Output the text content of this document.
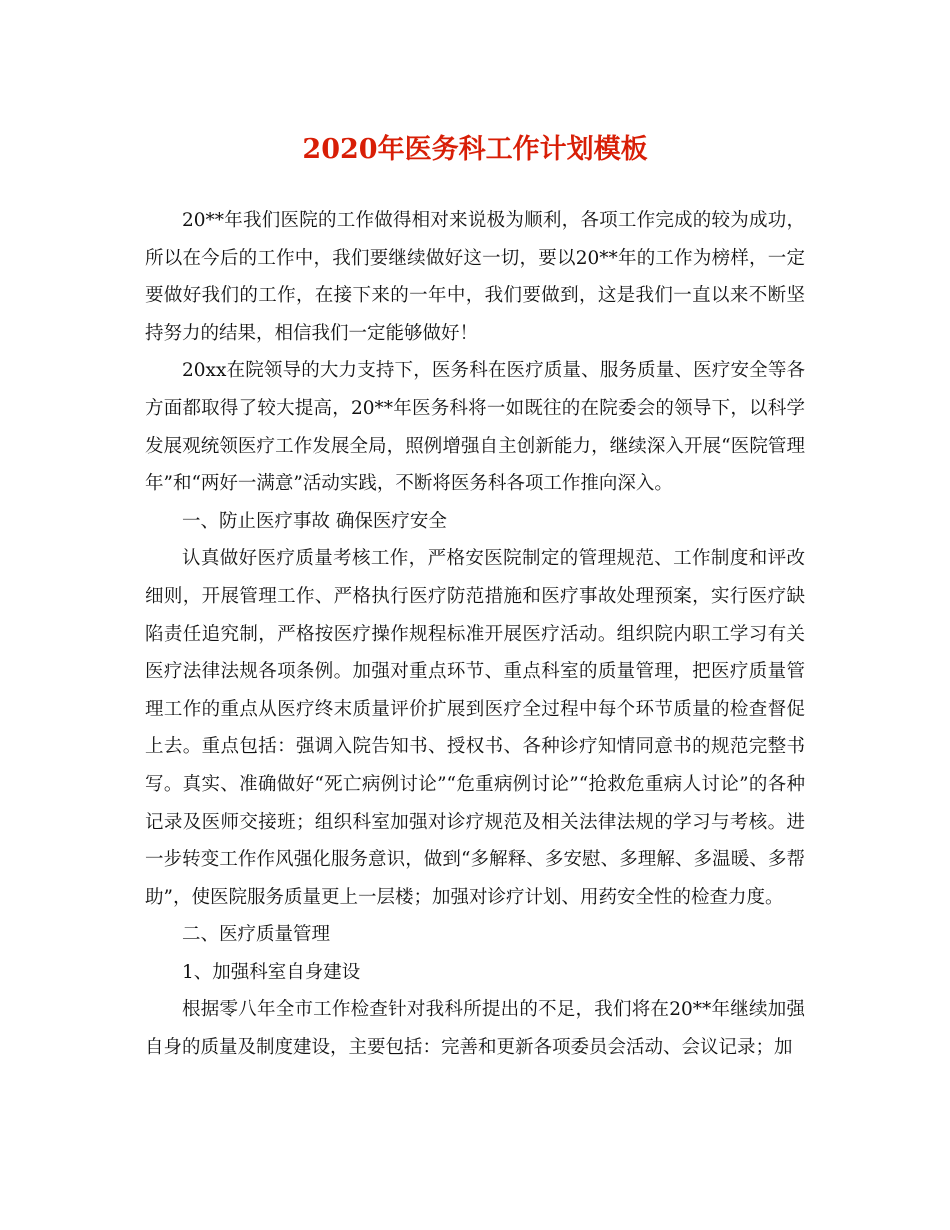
2020年医务科工作计划模板

20**年我们医院的工作做得相对来说极为顺利，各项工作完成的较为成功，所以在今后的工作中，我们要继续做好这一切，要以20**年的工作为榜样，一定要做好我们的工作，在接下来的一年中，我们要做到，这是我们一直以来不断坚持努力的结果，相信我们一定能够做好！

20xx在院领导的大力支持下，医务科在医疗质量、服务质量、医疗安全等各方面都取得了较大提高，20**年医务科将一如既往的在院委会的领导下，以科学发展观统领医疗工作发展全局，照例增强自主创新能力，继续深入开展“医院管理年”和“两好一满意”活动实践，不断将医务科各项工作推向深入。

一、防止医疗事故 确保医疗安全

认真做好医疗质量考核工作，严格安医院制定的管理规范、工作制度和评改细则，开展管理工作、严格执行医疗防范措施和医疗事故处理预案，实行医疗缺陷责任追究制，严格按医疗操作规程标准开展医疗活动。组织院内职工学习有关医疗法律法规各项条例。加强对重点环节、重点科室的质量管理，把医疗质量管理工作的重点从医疗终末质量评价扩展到医疗全过程中每个环节质量的检查督促上去。重点包括：强调入院告知书、授权书、各种诊疗知情同意书的规范完整书写。真实、准确做好“死亡病例讨论”“危重病例讨论”“抢救危重病人讨论”的各种记录及医师交接班；组织科室加强对诊疗规范及相关法律法规的学习与考核。进一步转变工作作风强化服务意识，做到“多解释、多安慰、多理解、多温暖、多帮助”，使医院服务质量更上一层楼；加强对诊疗计划、用药安全性的检查力度。

二、医疗质量管理

1、加强科室自身建设

根据零八年全市工作检查针对我科所提出的不足，我们将在20**年继续加强自身的质量及制度建设，主要包括：完善和更新各项委员会活动、会议记录；加
